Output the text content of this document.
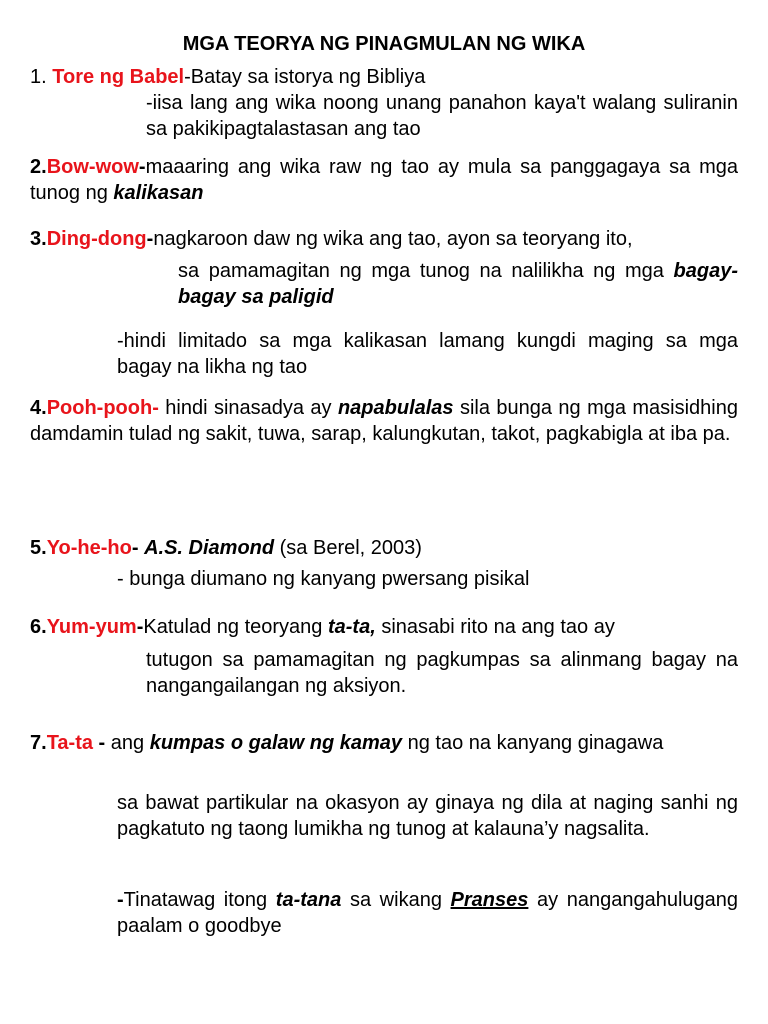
MGA TEORYA NG PINAGMULAN NG WIKA
1. Tore ng Babel-Batay sa istorya ng Bibliya
-iisa lang ang wika noong unang panahon kaya't walang suliranin sa pakikipagtalastasan ang tao
2.Bow-wow-maaaring ang wika raw ng tao ay mula sa panggagaya sa mga tunog ng kalikasan
3.Ding-dong-nagkaroon daw ng wika ang tao, ayon sa teoryang ito,
sa pamamagitan ng mga tunog na nalilikha ng mga bagay-bagay sa paligid
-hindi limitado sa mga kalikasan lamang kungdi maging sa mga bagay na likha ng tao
4.Pooh-pooh- hindi sinasadya ay napabulalas sila bunga ng mga masisidhing damdamin tulad ng sakit, tuwa, sarap, kalungkutan, takot, pagkabigla at iba pa.
5.Yo-he-ho- A.S. Diamond (sa Berel, 2003)
- bunga diumano ng kanyang pwersang pisikal
6.Yum-yum-Katulad ng teoryang ta-ta, sinasabi rito na ang tao ay
tutugon sa pamamagitan ng pagkumpas sa alinmang bagay na nangangailangan ng aksiyon.
7.Ta-ta - ang kumpas o galaw ng kamay ng tao na kanyang ginagawa
sa bawat partikular na okasyon ay ginaya ng dila at naging sanhi ng pagkatuto ng taong lumikha ng tunog at kalauna’y nagsalita.
-Tinatawag itong ta-tana sa wikang Pranses ay nangangahulugang paalam o goodbye
